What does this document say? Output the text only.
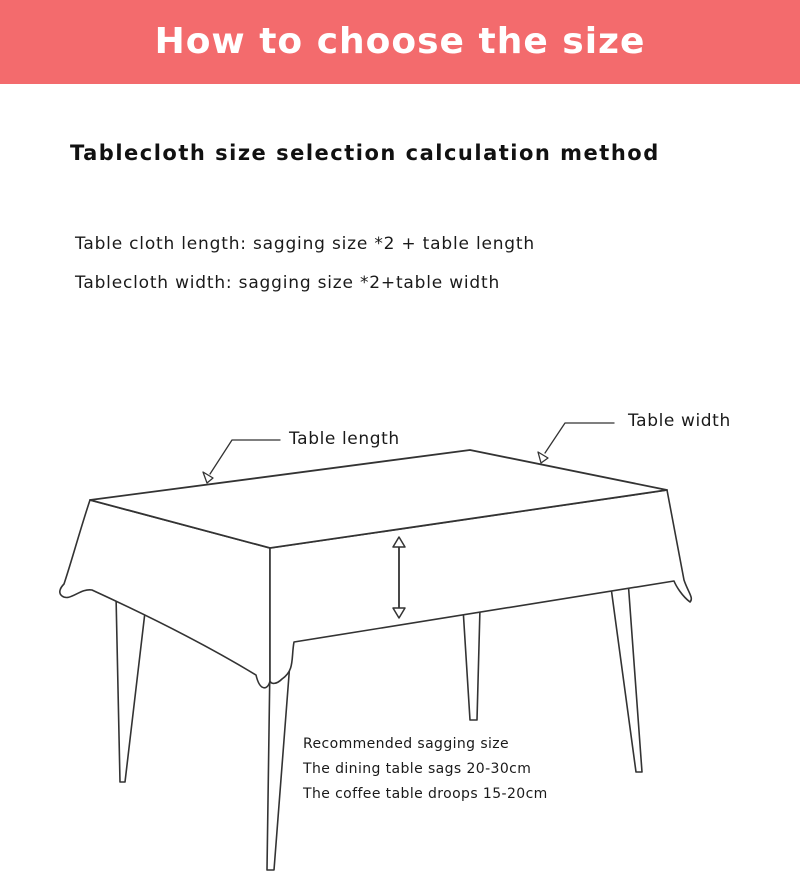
How to choose the size
Tablecloth size selection calculation method
Table cloth length: sagging size *2 + table length
Tablecloth width: sagging size *2+table width
Table length
Table width
Recommended sagging size
The dining table sags 20-30cm
The coffee table droops 15-20cm
